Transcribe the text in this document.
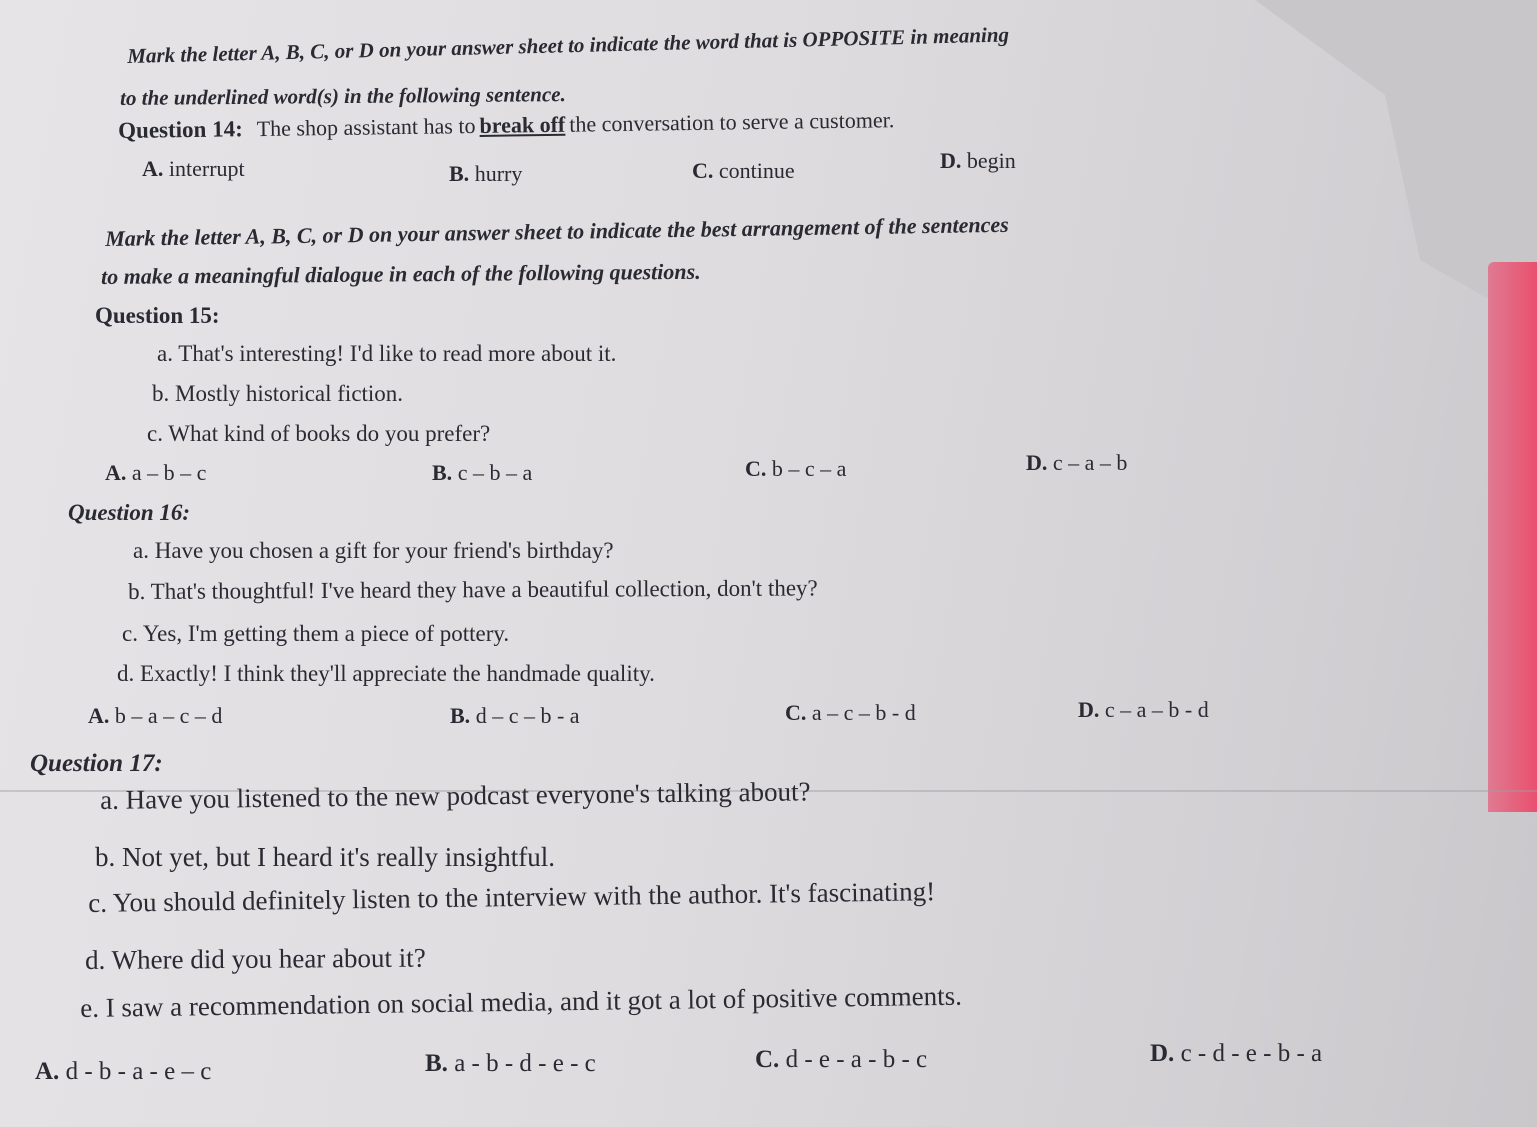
Mark the letter A, B, C, or D on your answer sheet to indicate the word that is OPPOSITE in meaning
to the underlined word(s) in the following sentence.
Question 14: The shop assistant has to break off the conversation to serve a customer.
A. interrupt	B. hurry	C. continue	D. begin
Mark the letter A, B, C, or D on your answer sheet to indicate the best arrangement of the sentences
to make a meaningful dialogue in each of the following questions.
Question 15:
a. That's interesting! I'd like to read more about it.
b. Mostly historical fiction.
c. What kind of books do you prefer?
A. a – b – c	B. c – b – a	C. b – c – a	D. c – a – b
Question 16:
a. Have you chosen a gift for your friend's birthday?
b. That's thoughtful! I've heard they have a beautiful collection, don't they?
c. Yes, I'm getting them a piece of pottery.
d. Exactly! I think they'll appreciate the handmade quality.
A. b – a – c – d	B. d – c – b - a	C. a – c – b - d	D. c – a – b - d
Question 17:
a. Have you listened to the new podcast everyone's talking about?
b. Not yet, but I heard it's really insightful.
c. You should definitely listen to the interview with the author. It's fascinating!
d. Where did you hear about it?
e. I saw a recommendation on social media, and it got a lot of positive comments.
A. d - b - a - e – c	B. a - b - d - e - c	C. d - e - a - b - c	D. c - d - e - b - a
